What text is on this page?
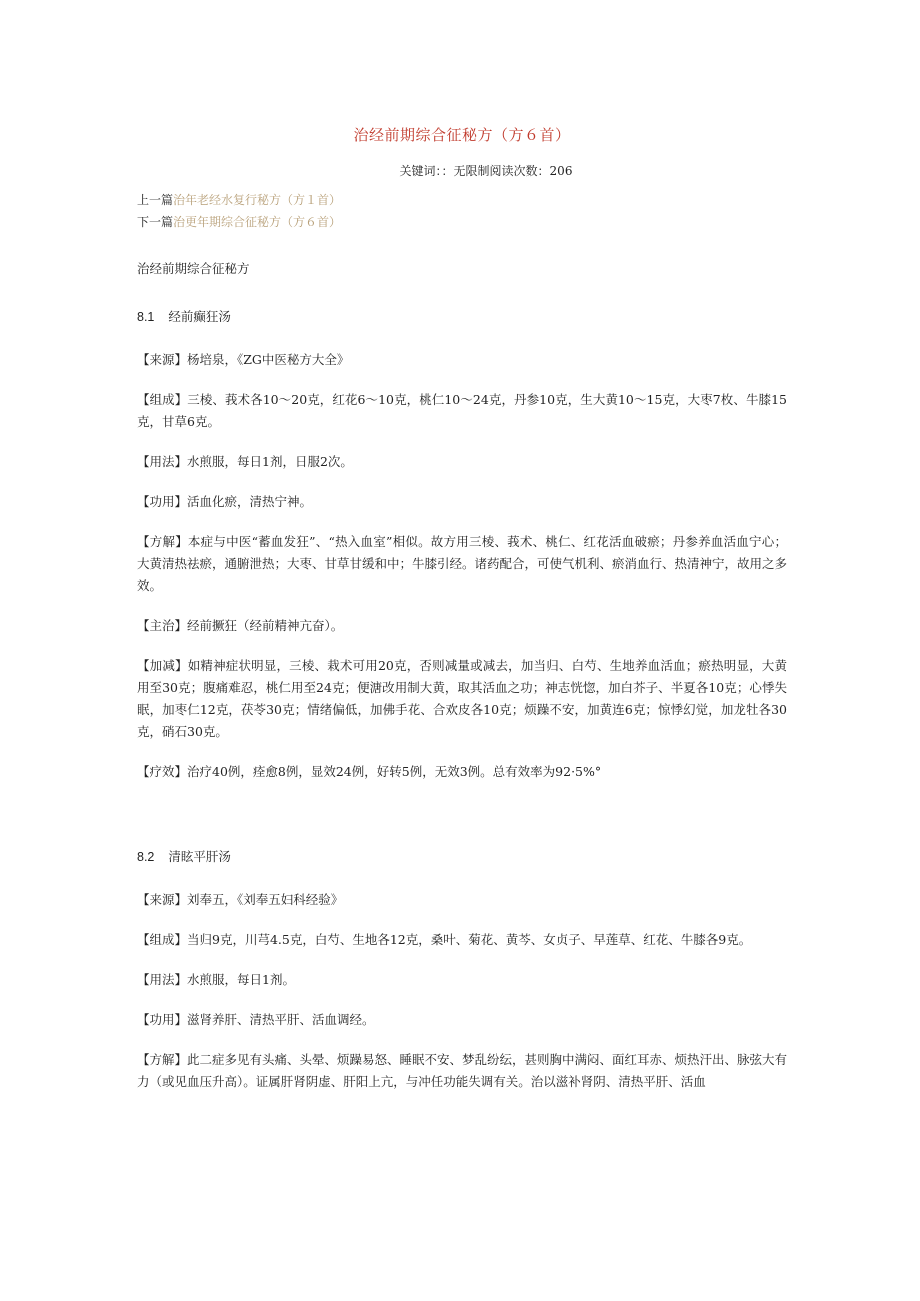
治经前期综合征秘方（方６首）
关键词：：无限制阅读次数：206
上一篇治年老经水复行秘方（方１首）
下一篇治更年期综合征秘方（方６首）
治经前期综合征秘方
8.1 经前癫狂汤
【来源】杨培泉，《ZG中医秘方大全》
【组成】三棱、莪术各10～20克，红花6～10克，桃仁10～24克，丹参10克，生大黄10～15克，大枣7枚、牛膝15克，甘草6克。
【用法】水煎服，每日1剂，日服2次。
【功用】活血化瘀，清热宁神。
【方解】本症与中医“蓄血发狂”、“热入血室”相似。故方用三棱、莪术、桃仁、红花活血破瘀；丹参养血活血宁心；大黄清热祛瘀，通腑泄热；大枣、甘草甘缓和中；牛膝引经。诸药配合，可使气机利、瘀消血行、热清神宁，故用之多效。
【主治】经前撅狂（经前精神亢奋）。
【加减】如精神症状明显，三棱、栽术可用20克，否则减量或减去，加当归、白芍、生地养血活血；瘀热明显，大黄用至30克；腹痛难忍，桃仁用至24克；便溏改用制大黄，取其活血之功；神志恍惚，加白芥子、半夏各10克；心悸失眠，加枣仁12克，茯苓30克；情绪偏低，加佛手花、合欢皮各10克；烦躁不安，加黄连6克；惊悸幻觉，加龙牡各30克，硝石30克。
【疗效】治疗40例，痊愈8例，显效24例，好转5例，无效3例。总有效率为92·5%°
8.2 清眩平肝汤
【来源】刘奉五，《刘奉五妇科经验》
【组成】当归9克，川芎4.5克，白芍、生地各12克，桑叶、菊花、黄芩、女贞子、早莲草、红花、牛膝各9克。
【用法】水煎服，每日1剂。
【功用】滋肾养肝、清热平肝、活血调经。
【方解】此二症多见有头痛、头晕、烦躁易怒、睡眠不安、梦乱纷纭，甚则胸中满闷、面红耳赤、烦热汗出、脉弦大有力（或见血压升高）。证属肝肾阴虚、肝阳上亢，与冲任功能失调有关。治以滋补肾阴、清热平肝、活血
